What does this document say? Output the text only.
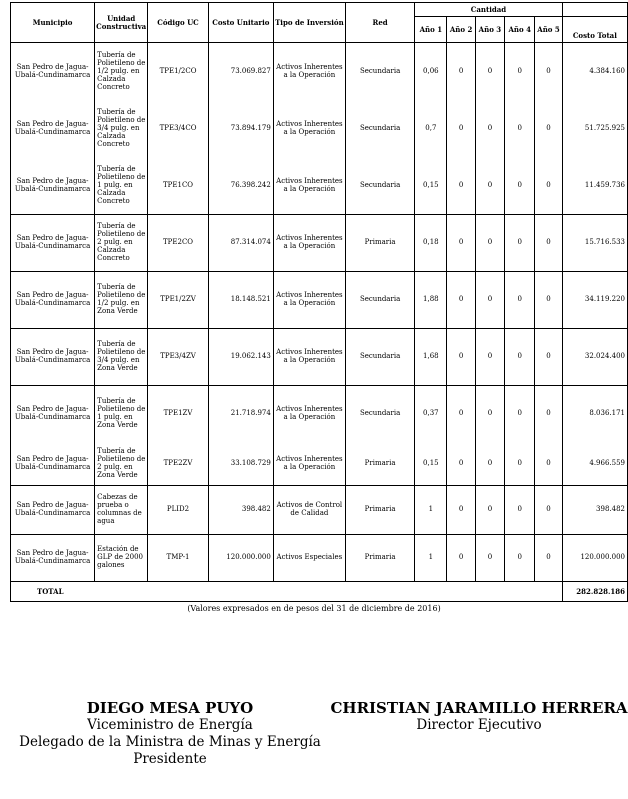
Municipio	Unidad Constructiva	Código UC	Costo Unitario	Tipo de Inversión	Red	Cantidad					
						Año 1	Año 2	Año 3	Año 4	Año 5	Costo Total
San Pedro de Jagua-Ubalá-Cundinamarca	Tubería de Polietileno de 1/2 pulg. en Calzada Concreto	TPE1/2CO	73.069.827	Activos Inherentes a la Operación	Secundaria	0,06	0	0	0	0	4.384.160
San Pedro de Jagua-Ubalá-Cundinamarca	Tubería de Polietileno de 3/4 pulg. en Calzada Concreto	TPE3/4CO	73.894.179	Activos Inherentes a la Operación	Secundaria	0,7	0	0	0	0	51.725.925
San Pedro de Jagua-Ubalá-Cundinamarca	Tubería de Polietileno de 1 pulg. en Calzada Concreto	TPE1CO	76.398.242	Activos Inherentes a la Operación	Secundaria	0,15	0	0	0	0	11.459.736
San Pedro de Jagua-Ubalá-Cundinamarca	Tubería de Polietileno de 2 pulg. en Calzada Concreto	TPE2CO	87.314.074	Activos Inherentes a la Operación	Primaria	0,18	0	0	0	0	15.716.533
San Pedro de Jagua-Ubalá-Cundinamarca	Tubería de Polietileno de 1/2 pulg. en Zona Verde	TPE1/2ZV	18.148.521	Activos Inherentes a la Operación	Secundaria	1,88	0	0	0	0	34.119.220
San Pedro de Jagua-Ubalá-Cundinamarca	Tubería de Polietileno de 3/4 pulg. en Zona Verde	TPE3/4ZV	19.062.143	Activos Inherentes a la Operación	Secundaria	1,68	0	0	0	0	32.024.400
San Pedro de Jagua-Ubalá-Cundinamarca	Tubería de Polietileno de 1 pulg. en Zona Verde	TPE1ZV	21.718.974	Activos Inherentes a la Operación	Secundaria	0,37	0	0	0	0	8.036.171
San Pedro de Jagua-Ubalá-Cundinamarca	Tubería de Polietileno de 2 pulg. en Zona Verde	TPE2ZV	33.108.729	Activos Inherentes a la Operación	Primaria	0,15	0	0	0	0	4.966.559
San Pedro de Jagua-Ubalá-Cundinamarca	Cabezas de prueba o columnas de agua	PLID2	398.482	Activos de Control de Calidad	Primaria	1	0	0	0	0	398.482
San Pedro de Jagua-Ubalá-Cundinamarca	Estación de GLP de 2000 galones	TMP-1	120.000.000	Activos Especiales	Primaria	1	0	0	0	0	120.000.000
TOTAL											282.828.186
(Valores expresados en de pesos del 31 de diciembre de 2016)
DIEGO MESA PUYO
Viceministro de Energía
Delegado de la Ministra de Minas y Energía
Presidente
CHRISTIAN JARAMILLO HERRERA
Director Ejecutivo
